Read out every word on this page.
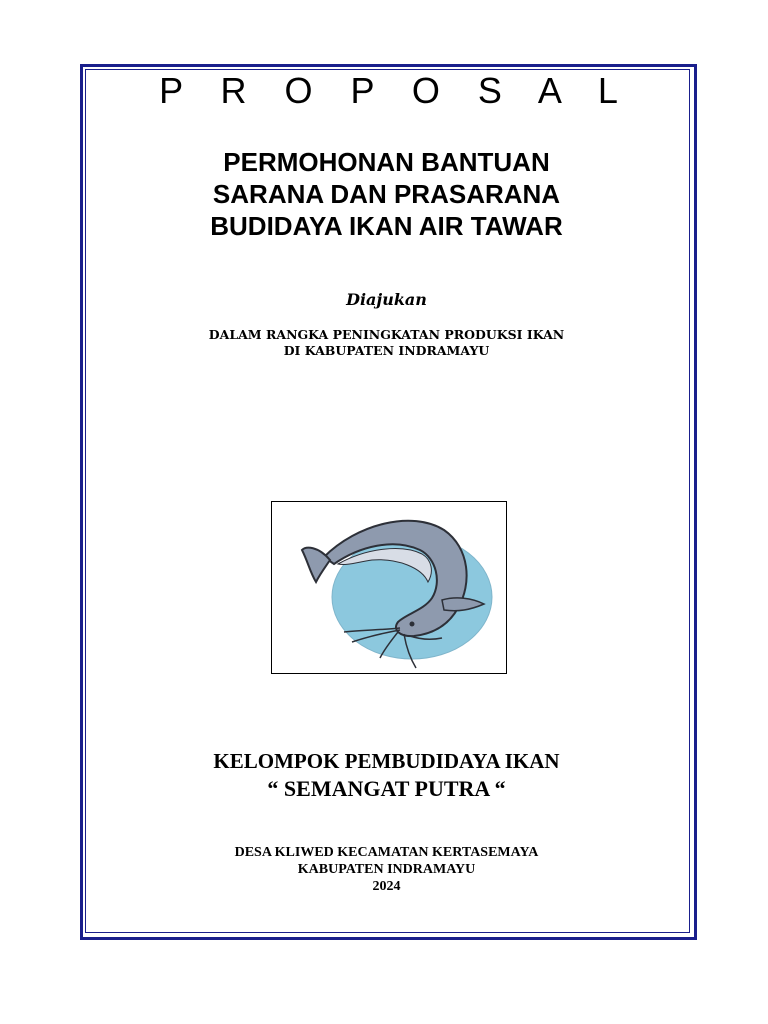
P R O P O S A L
PERMOHONAN BANTUAN
SARANA DAN PRASARANA
BUDIDAYA IKAN AIR TAWAR
Diajukan
DALAM RANGKA PENINGKATAN PRODUKSI IKAN
DI KABUPATEN INDRAMAYU
KELOMPOK PEMBUDIDAYA IKAN
“ SEMANGAT PUTRA “
DESA KLIWED KECAMATAN KERTASEMAYA
KABUPATEN INDRAMAYU
2024
